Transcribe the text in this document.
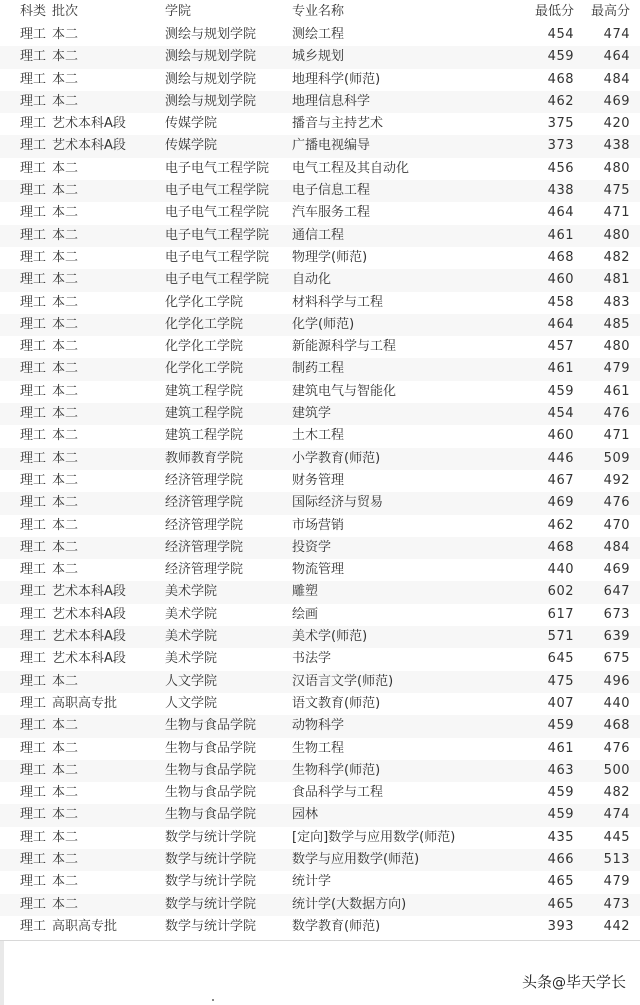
科类 批次	学院	专业名称	最低分	最高分
理工 本二	测绘与规划学院	测绘工程	454	474
理工 本二	测绘与规划学院	城乡规划	459	464
理工 本二	测绘与规划学院	地理科学(师范)	468	484
理工 本二	测绘与规划学院	地理信息科学	462	469
理工 艺术本科A段	传媒学院	播音与主持艺术	375	420
理工 艺术本科A段	传媒学院	广播电视编导	373	438
理工 本二	电子电气工程学院	电气工程及其自动化	456	480
理工 本二	电子电气工程学院	电子信息工程	438	475
理工 本二	电子电气工程学院	汽车服务工程	464	471
理工 本二	电子电气工程学院	通信工程	461	480
理工 本二	电子电气工程学院	物理学(师范)	468	482
理工 本二	电子电气工程学院	自动化	460	481
理工 本二	化学化工学院	材料科学与工程	458	483
理工 本二	化学化工学院	化学(师范)	464	485
理工 本二	化学化工学院	新能源科学与工程	457	480
理工 本二	化学化工学院	制药工程	461	479
理工 本二	建筑工程学院	建筑电气与智能化	459	461
理工 本二	建筑工程学院	建筑学	454	476
理工 本二	建筑工程学院	土木工程	460	471
理工 本二	教师教育学院	小学教育(师范)	446	509
理工 本二	经济管理学院	财务管理	467	492
理工 本二	经济管理学院	国际经济与贸易	469	476
理工 本二	经济管理学院	市场营销	462	470
理工 本二	经济管理学院	投资学	468	484
理工 本二	经济管理学院	物流管理	440	469
理工 艺术本科A段	美术学院	雕塑	602	647
理工 艺术本科A段	美术学院	绘画	617	673
理工 艺术本科A段	美术学院	美术学(师范)	571	639
理工 艺术本科A段	美术学院	书法学	645	675
理工 本二	人文学院	汉语言文学(师范)	475	496
理工 高职高专批	人文学院	语文教育(师范)	407	440
理工 本二	生物与食品学院	动物科学	459	468
理工 本二	生物与食品学院	生物工程	461	476
理工 本二	生物与食品学院	生物科学(师范)	463	500
理工 本二	生物与食品学院	食品科学与工程	459	482
理工 本二	生物与食品学院	园林	459	474
理工 本二	数学与统计学院	[定向]数学与应用数学(师范)	435	445
理工 本二	数学与统计学院	数学与应用数学(师范)	466	513
理工 本二	数学与统计学院	统计学	465	479
理工 本二	数学与统计学院	统计学(大数据方向)	465	473
理工 高职高专批	数学与统计学院	数学教育(师范)	393	442
头条@毕天学长
